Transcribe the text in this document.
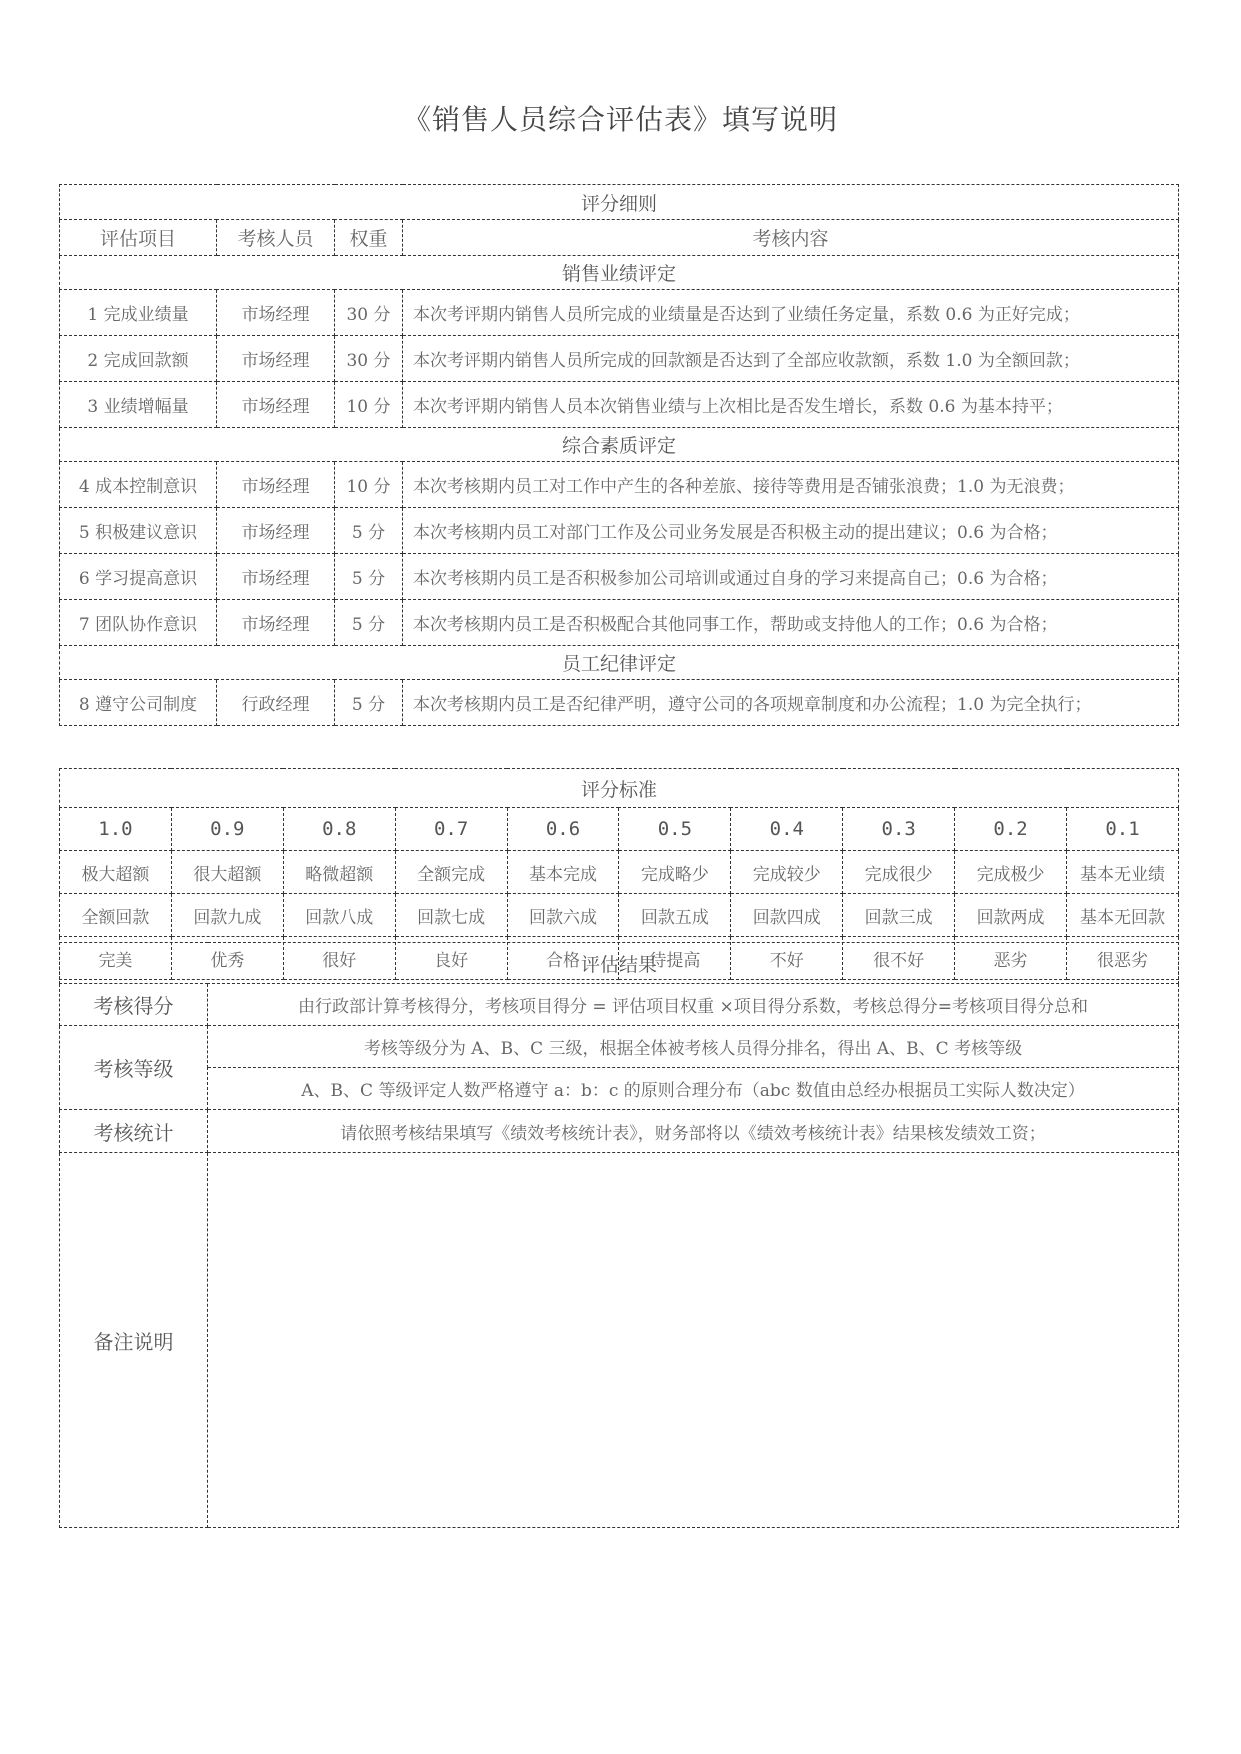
《销售人员综合评估表》填写说明
评分细则			
评估项目	考核人员	权重	考核内容
销售业绩评定			
1 完成业绩量	市场经理	30 分	本次考评期内销售人员所完成的业绩量是否达到了业绩任务定量，系数 0.6 为正好完成；
2 完成回款额	市场经理	30 分	本次考评期内销售人员所完成的回款额是否达到了全部应收款额，系数 1.0 为全额回款；
3 业绩增幅量	市场经理	10 分	本次考评期内销售人员本次销售业绩与上次相比是否发生增长，系数 0.6 为基本持平；
综合素质评定			
4 成本控制意识	市场经理	10 分	本次考核期内员工对工作中产生的各种差旅、接待等费用是否铺张浪费；1.0 为无浪费；
5 积极建议意识	市场经理	5 分	本次考核期内员工对部门工作及公司业务发展是否积极主动的提出建议；0.6 为合格；
6 学习提高意识	市场经理	5 分	本次考核期内员工是否积极参加公司培训或通过自身的学习来提高自己；0.6 为合格；
7 团队协作意识	市场经理	5 分	本次考核期内员工是否积极配合其他同事工作，帮助或支持他人的工作；0.6 为合格；
员工纪律评定			
8 遵守公司制度	行政经理	5 分	本次考核期内员工是否纪律严明，遵守公司的各项规章制度和办公流程；1.0 为完全执行；
评分标准									
1.0	0.9	0.8	0.7	0.6	0.5	0.4	0.3	0.2	0.1
极大超额	很大超额	略微超额	全额完成	基本完成	完成略少	完成较少	完成很少	完成极少	基本无业绩
全额回款	回款九成	回款八成	回款七成	回款六成	回款五成	回款四成	回款三成	回款两成	基本无回款
完美	优秀	很好	良好	合格	待提高	不好	很不好	恶劣	很恶劣
评估结果	
考核得分	由行政部计算考核得分，考核项目得分 = 评估项目权重 ×项目得分系数，考核总得分=考核项目得分总和
考核等级	考核等级分为 A、B、C 三级，根据全体被考核人员得分排名，得出 A、B、C 考核等级
	A、B、C 等级评定人数严格遵守 a：b：c 的原则合理分布（abc 数值由总经办根据员工实际人数决定）
考核统计	请依照考核结果填写《绩效考核统计表》，财务部将以《绩效考核统计表》结果核发绩效工资；
备注说明	
